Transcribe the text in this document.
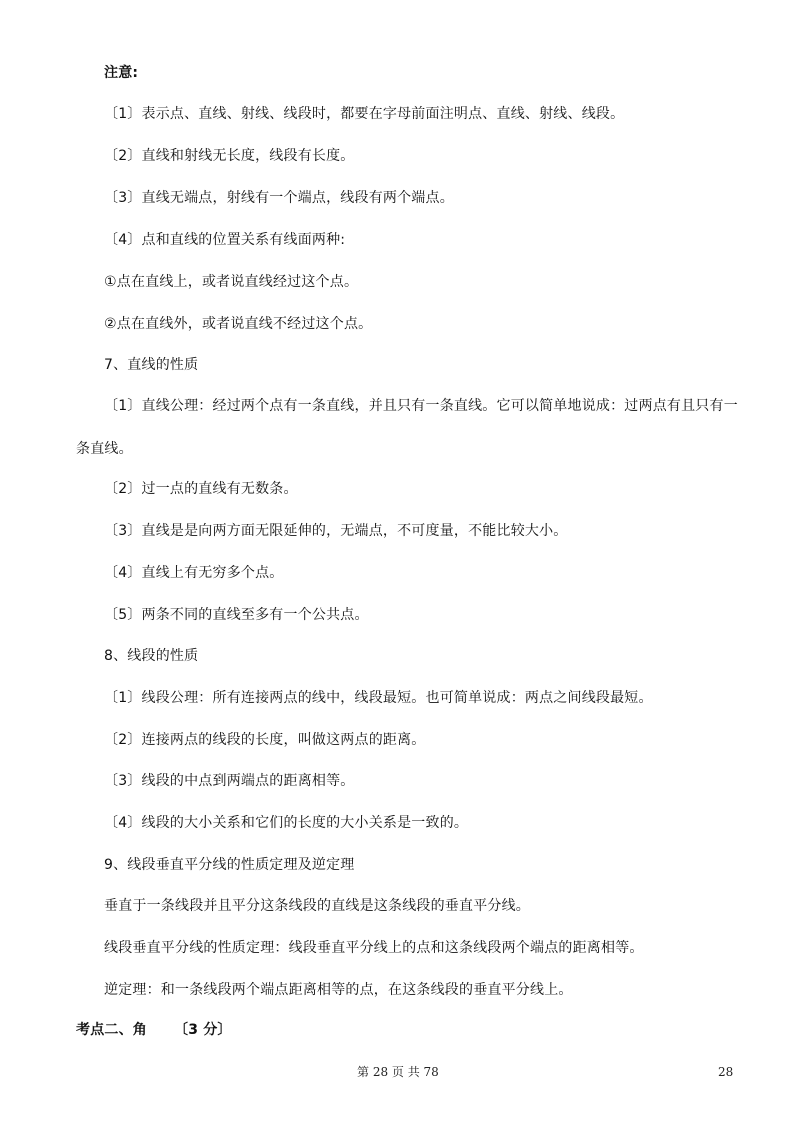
注意:
〔1〕表示点、直线、射线、线段时，都要在字母前面注明点、直线、射线、线段。
〔2〕直线和射线无长度，线段有长度。
〔3〕直线无端点，射线有一个端点，线段有两个端点。
〔4〕点和直线的位置关系有线面两种:
①点在直线上，或者说直线经过这个点。
②点在直线外，或者说直线不经过这个点。
7、直线的性质
〔1〕直线公理：经过两个点有一条直线，并且只有一条直线。它可以简单地说成：过两点有且只有一
条直线。
〔2〕过一点的直线有无数条。
〔3〕直线是是向两方面无限延伸的，无端点，不可度量，不能比较大小。
〔4〕直线上有无穷多个点。
〔5〕两条不同的直线至多有一个公共点。
8、线段的性质
〔1〕线段公理：所有连接两点的线中，线段最短。也可简单说成：两点之间线段最短。
〔2〕连接两点的线段的长度，叫做这两点的距离。
〔3〕线段的中点到两端点的距离相等。
〔4〕线段的大小关系和它们的长度的大小关系是一致的。
9、线段垂直平分线的性质定理及逆定理
垂直于一条线段并且平分这条线段的直线是这条线段的垂直平分线。
线段垂直平分线的性质定理：线段垂直平分线上的点和这条线段两个端点的距离相等。
逆定理：和一条线段两个端点距离相等的点，在这条线段的垂直平分线上。
考点二、角 〔3 分〕
第 28 页 共 78	28
